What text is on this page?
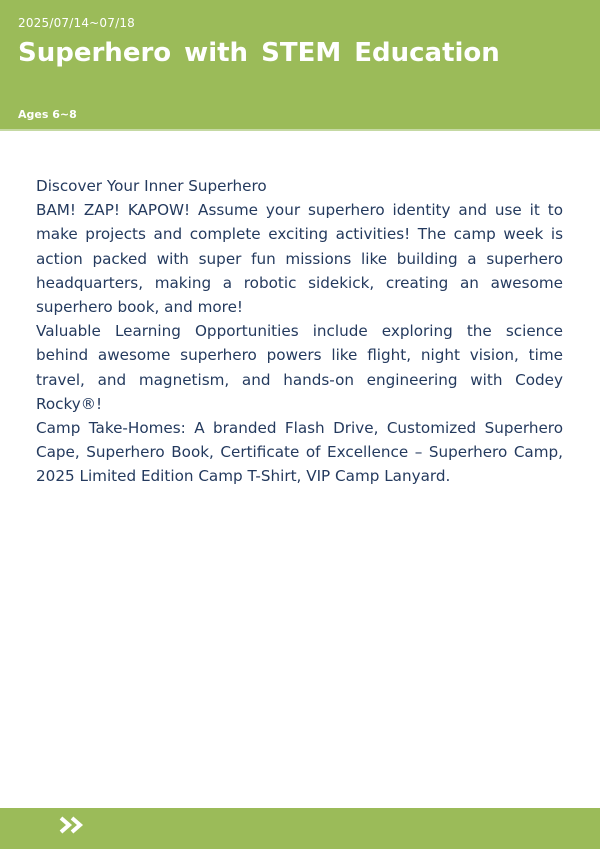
2025/07/14~07/18
Superhero with STEM Education
Ages 6~8

Discover Your Inner Superhero

BAM! ZAP! KAPOW! Assume your superhero identity and use it to make projects and complete exciting activities! The camp week is action packed with super fun missions like building a superhero headquarters, making a robotic sidekick, creating an awesome superhero book, and more!

Valuable Learning Opportunities include exploring the science behind awesome superhero powers like flight, night vision, time travel, and magnetism, and hands-on engineering with Codey Rocky®!

Camp Take-Homes: A branded Flash Drive, Customized Superhero Cape, Superhero Book, Certificate of Excellence – Superhero Camp, 2025 Limited Edition Camp T-Shirt, VIP Camp Lanyard.
